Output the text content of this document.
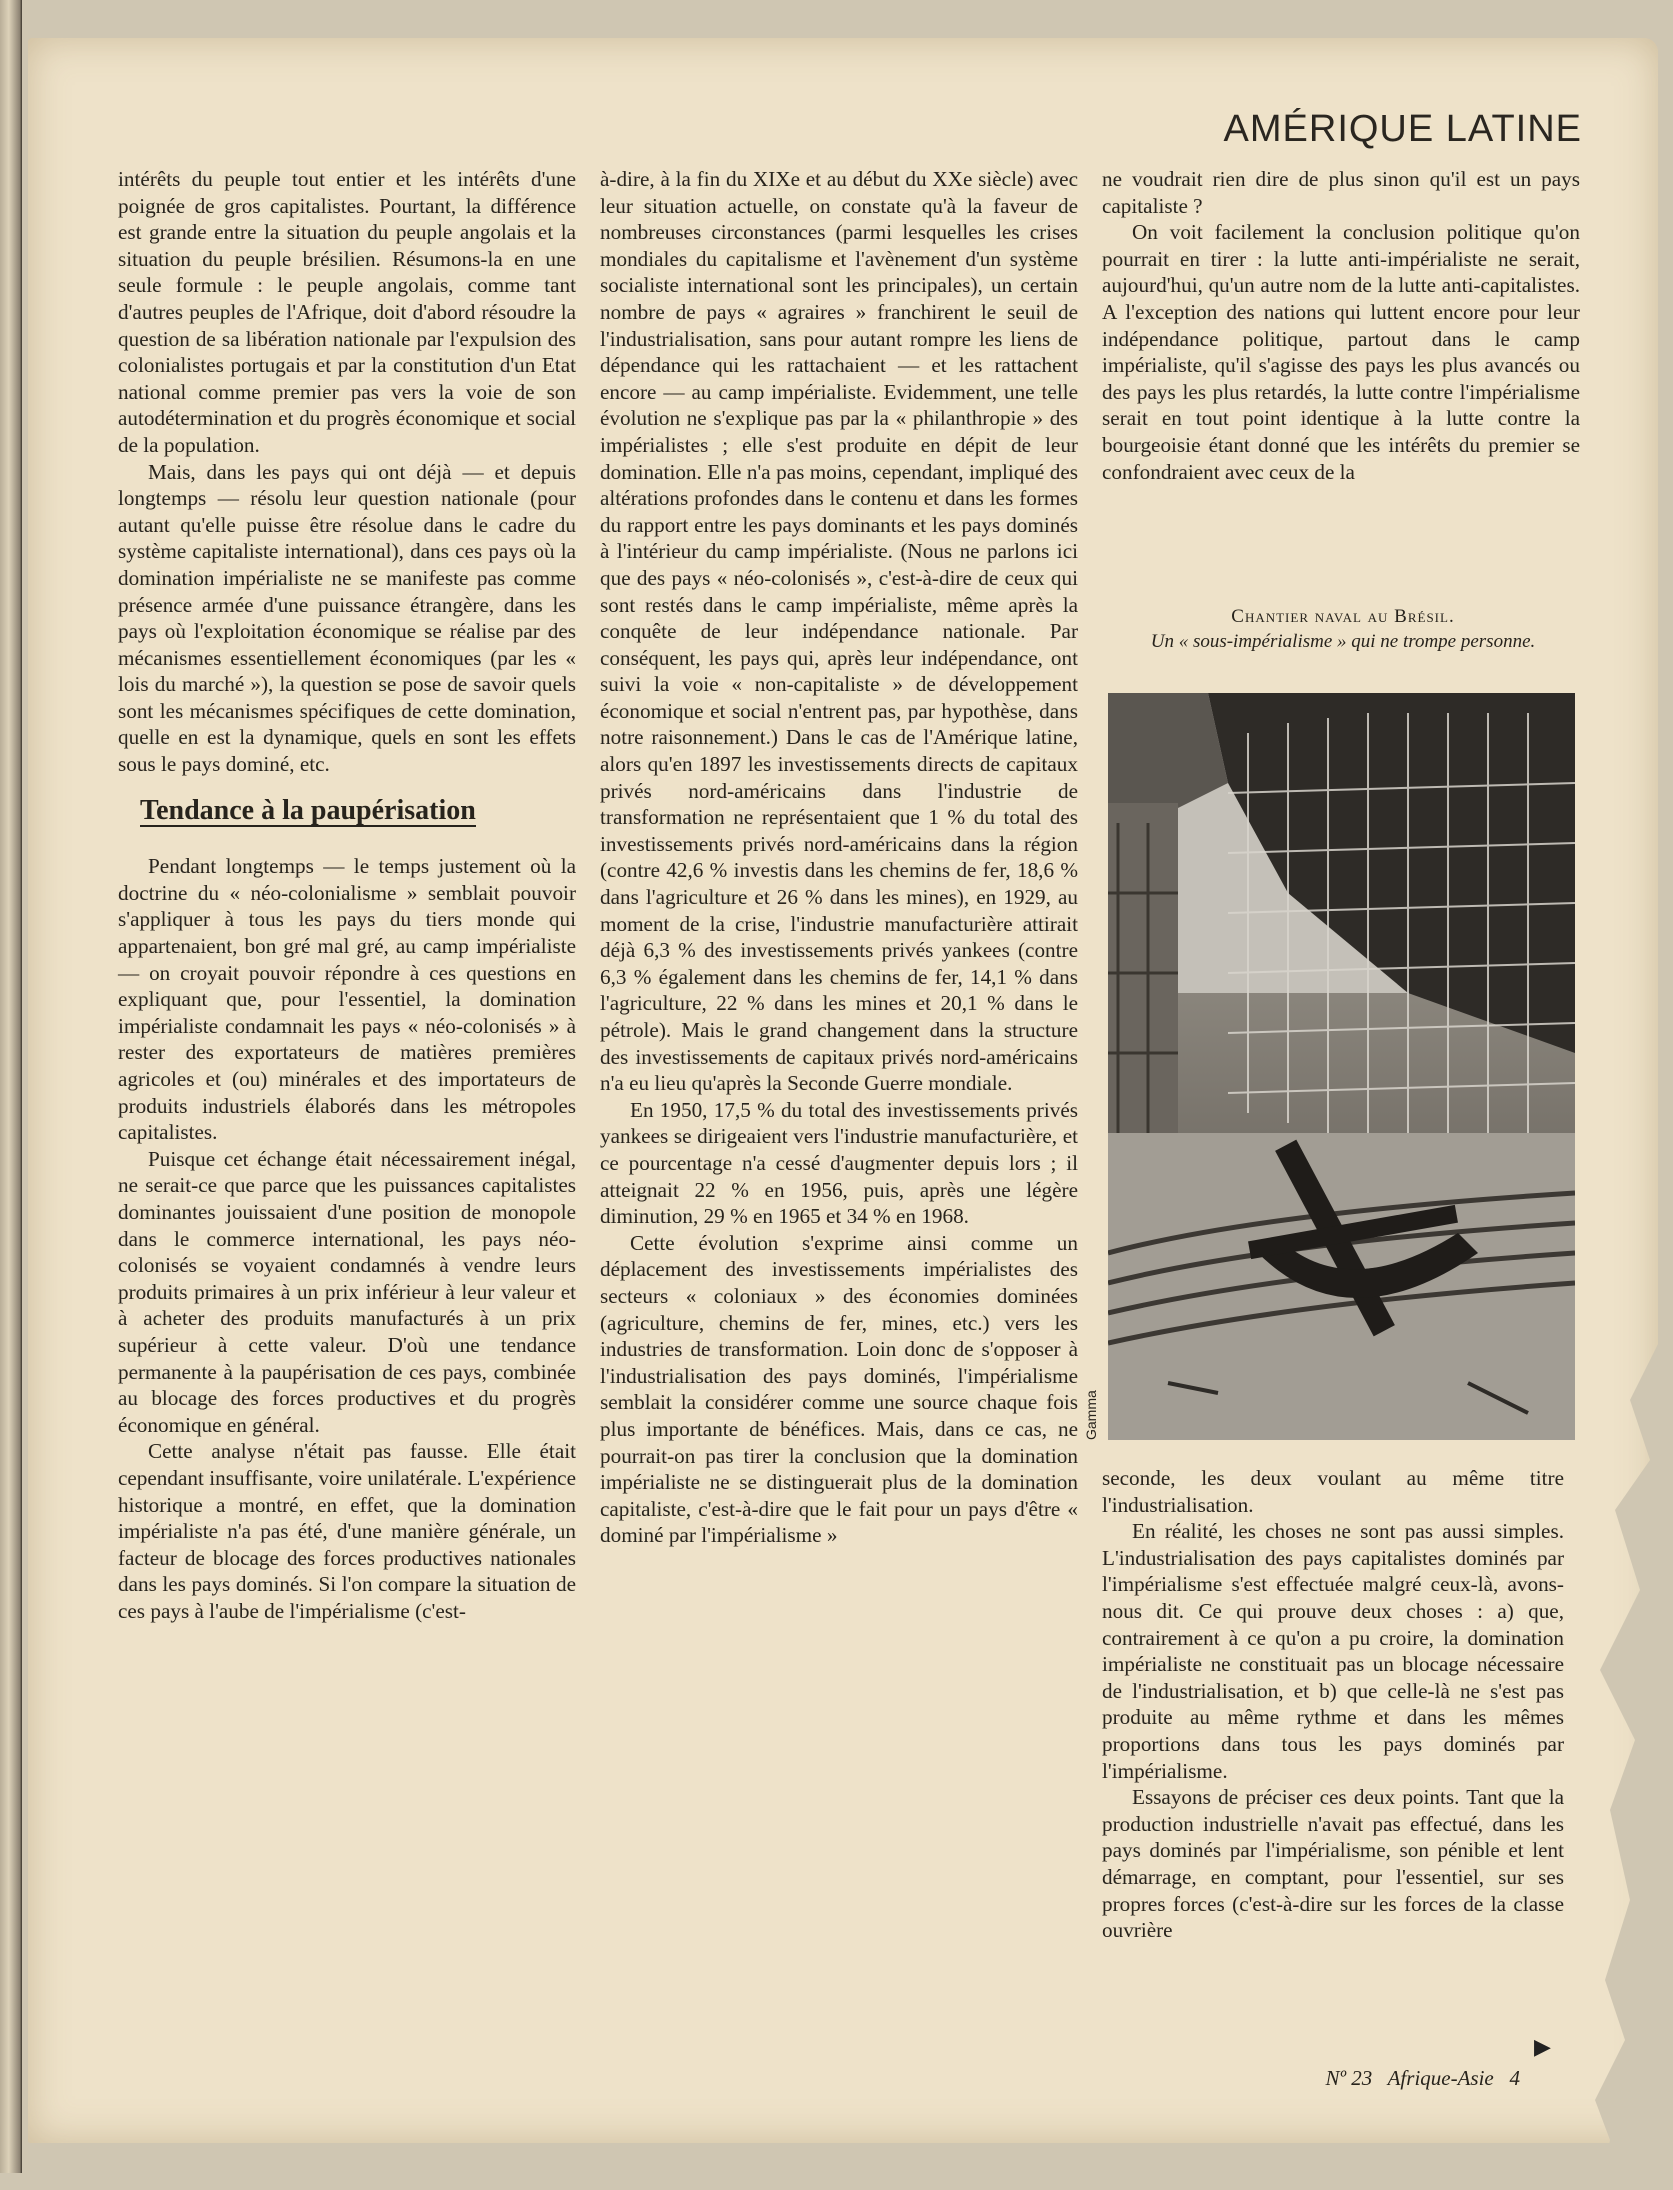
AMÉRIQUE LATINE

intérêts du peuple tout entier et les intérêts d'une poignée de gros capitalistes. Pourtant, la différence est grande entre la situation du peuple angolais et la situation du peuple brésilien. Résumons-la en une seule formule : le peuple angolais, comme tant d'autres peuples de l'Afrique, doit d'abord résoudre la question de sa libération nationale par l'expulsion des colonialistes portugais et par la constitution d'un Etat national comme premier pas vers la voie de son autodétermination et du progrès économique et social de la population.

Mais, dans les pays qui ont déjà — et depuis longtemps — résolu leur question nationale (pour autant qu'elle puisse être résolue dans le cadre du système capitaliste international), dans ces pays où la domination impérialiste ne se manifeste pas comme présence armée d'une puissance étrangère, dans les pays où l'exploitation économique se réalise par des mécanismes essentiellement économiques (par les « lois du marché »), la question se pose de savoir quels sont les mécanismes spécifiques de cette domination, quelle en est la dynamique, quels en sont les effets sous le pays dominé, etc.

Tendance à la paupérisation

Pendant longtemps — le temps justement où la doctrine du « néo-colonialisme » semblait pouvoir s'appliquer à tous les pays du tiers monde qui appartenaient, bon gré mal gré, au camp impérialiste — on croyait pouvoir répondre à ces questions en expliquant que, pour l'essentiel, la domination impérialiste condamnait les pays « néo-colonisés » à rester des exportateurs de matières premières agricoles et (ou) minérales et des importateurs de produits industriels élaborés dans les métropoles capitalistes.

Puisque cet échange était nécessairement inégal, ne serait-ce que parce que les puissances capitalistes dominantes jouissaient d'une position de monopole dans le commerce international, les pays néo-colonisés se voyaient condamnés à vendre leurs produits primaires à un prix inférieur à leur valeur et à acheter des produits manufacturés à un prix supérieur à cette valeur. D'où une tendance permanente à la paupérisation de ces pays, combinée au blocage des forces productives et du progrès économique en général.

Cette analyse n'était pas fausse. Elle était cependant insuffisante, voire unilatérale. L'expérience historique a montré, en effet, que la domination impérialiste n'a pas été, d'une manière générale, un facteur de blocage des forces productives nationales dans les pays dominés. Si l'on compare la situation de ces pays à l'aube de l'impérialisme (c'est-

à-dire, à la fin du XIXe et au début du XXe siècle) avec leur situation actuelle, on constate qu'à la faveur de nombreuses circonstances (parmi lesquelles les crises mondiales du capitalisme et l'avènement d'un système socialiste international sont les principales), un certain nombre de pays « agraires » franchirent le seuil de l'industrialisation, sans pour autant rompre les liens de dépendance qui les rattachaient — et les rattachent encore — au camp impérialiste. Evidemment, une telle évolution ne s'explique pas par la « philanthropie » des impérialistes ; elle s'est produite en dépit de leur domination. Elle n'a pas moins, cependant, impliqué des altérations profondes dans le contenu et dans les formes du rapport entre les pays dominants et les pays dominés à l'intérieur du camp impérialiste. (Nous ne parlons ici que des pays « néo-colonisés », c'est-à-dire de ceux qui sont restés dans le camp impérialiste, même après la conquête de leur indépendance nationale. Par conséquent, les pays qui, après leur indépendance, ont suivi la voie « non-capitaliste » de développement économique et social n'entrent pas, par hypothèse, dans notre raisonnement.) Dans le cas de l'Amérique latine, alors qu'en 1897 les investissements directs de capitaux privés nord-américains dans l'industrie de transformation ne représentaient que 1 % du total des investissements privés nord-américains dans la région (contre 42,6 % investis dans les chemins de fer, 18,6 % dans l'agriculture et 26 % dans les mines), en 1929, au moment de la crise, l'industrie manufacturière attirait déjà 6,3 % des investissements privés yankees (contre 6,3 % également dans les chemins de fer, 14,1 % dans l'agriculture, 22 % dans les mines et 20,1 % dans le pétrole). Mais le grand changement dans la structure des investissements de capitaux privés nord-américains n'a eu lieu qu'après la Seconde Guerre mondiale.

En 1950, 17,5 % du total des investissements privés yankees se dirigeaient vers l'industrie manufacturière, et ce pourcentage n'a cessé d'augmenter depuis lors ; il atteignait 22 % en 1956, puis, après une légère diminution, 29 % en 1965 et 34 % en 1968.

Cette évolution s'exprime ainsi comme un déplacement des investissements impérialistes des secteurs « coloniaux » des économies dominées (agriculture, chemins de fer, mines, etc.) vers les industries de transformation. Loin donc de s'opposer à l'industrialisation des pays dominés, l'impérialisme semblait la considérer comme une source chaque fois plus importante de bénéfices. Mais, dans ce cas, ne pourrait-on pas tirer la conclusion que la domination impérialiste ne se distinguerait plus de la domination capitaliste, c'est-à-dire que le fait pour un pays d'être « dominé par l'impérialisme »

ne voudrait rien dire de plus sinon qu'il est un pays capitaliste ?

On voit facilement la conclusion politique qu'on pourrait en tirer : la lutte anti-impérialiste ne serait, aujourd'hui, qu'un autre nom de la lutte anti-capitalistes. A l'exception des nations qui luttent encore pour leur indépendance politique, partout dans le camp impérialiste, qu'il s'agisse des pays les plus avancés ou des pays les plus retardés, la lutte contre l'impérialisme serait en tout point identique à la lutte contre la bourgeoisie étant donné que les intérêts du premier se confondraient avec ceux de la

Chantier naval au Brésil.
Un « sous-impérialisme » qui ne trompe personne.
Gamma

seconde, les deux voulant au même titre l'industrialisation.

En réalité, les choses ne sont pas aussi simples. L'industrialisation des pays capitalistes dominés par l'impérialisme s'est effectuée malgré ceux-là, avons-nous dit. Ce qui prouve deux choses : a) que, contrairement à ce qu'on a pu croire, la domination impérialiste ne constituait pas un blocage nécessaire de l'industrialisation, et b) que celle-là ne s'est pas produite au même rythme et dans les mêmes proportions dans tous les pays dominés par l'impérialisme.

Essayons de préciser ces deux points. Tant que la production industrielle n'avait pas effectué, dans les pays dominés par l'impérialisme, son pénible et lent démarrage, en comptant, pour l'essentiel, sur ses propres forces (c'est-à-dire sur les forces de la classe ouvrière

▶
Nº 23 Afrique-Asie 4
